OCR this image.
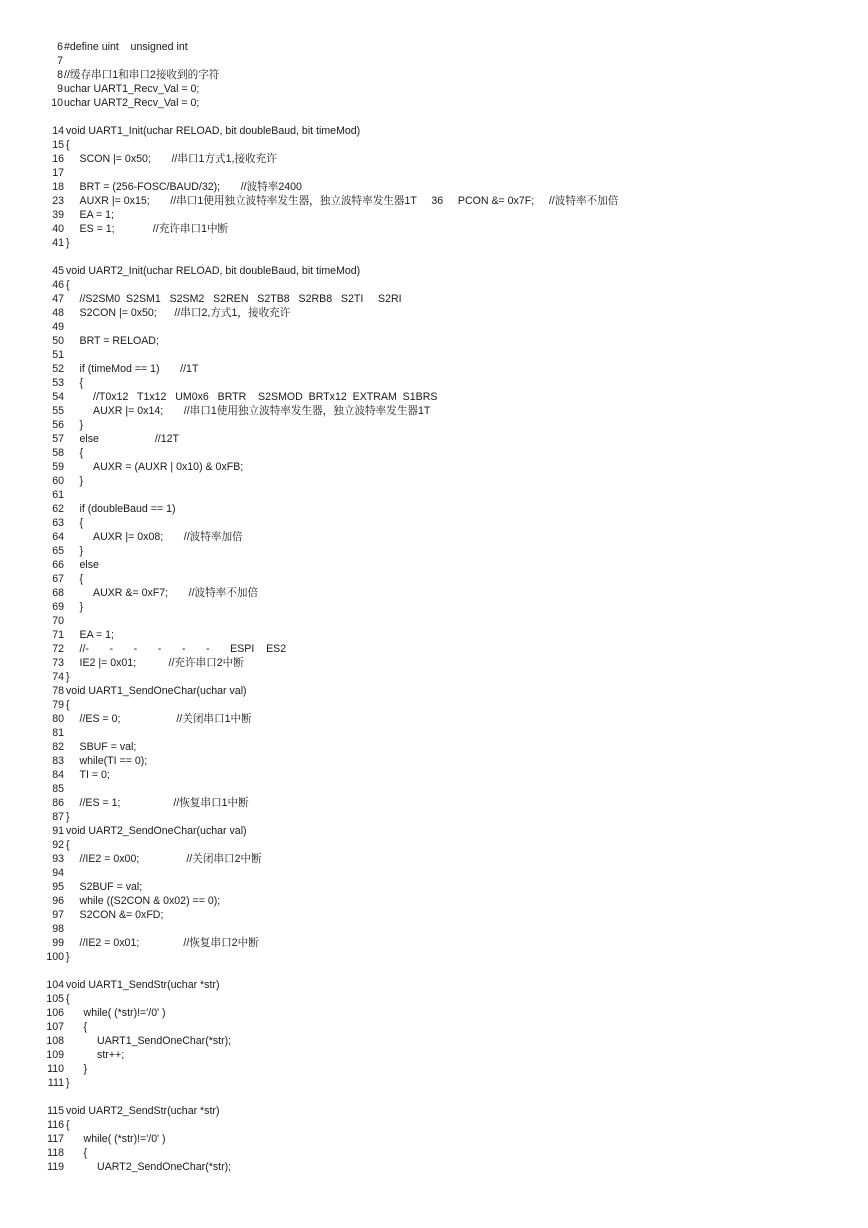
6 #define uint    unsigned int
7
8 //缓存串口1和串口2接收到的字符
9 uchar UART1_Recv_Val = 0;
10 uchar UART2_Recv_Val = 0;
14 void UART1_Init(uchar RELOAD, bit doubleBaud, bit timeMod)
15 {
16 SCON |= 0x50;       //串口1方式1,接收充许
17
18 BRT = (256-FOSC/BAUD/32);       //波特率2400
23 AUXR |= 0x15;       //串口1使用独立波特率发生器，独立波特率发生器1T     36     PCON &= 0x7F;     //波特率不加倍
39 EA = 1;
40 ES = 1;             //充许串口1中断
41 }
45 void UART2_Init(uchar RELOAD, bit doubleBaud, bit timeMod)
46 {
47 //S2SM0  S2SM1   S2SM2   S2REN   S2TB8   S2RB8   S2TI     S2RI
48 S2CON |= 0x50;      //串口2,方式1，接收充许
49
50 BRT = RELOAD;
51
52 if (timeMod == 1)       //1T
53 {
54	//T0x12   T1x12   UM0x6   BRTR    S2SMOD  BRTx12  EXTRAM  S1BRS
55	AUXR |= 0x14;       //串口1使用独立波特率发生器，独立波特率发生器1T
56 }
57 else                   //12T
58 {
59	AUXR = (AUXR | 0x10) & 0xFB;
60 }
61
62 if (doubleBaud == 1)
63 {
64	AUXR |= 0x08;       //波特率加倍
65 }
66 else
67 {
68	AUXR &= 0xF7;       //波特率不加倍
69 }
70
71 EA = 1;
72 //-       -       -       -       -       -       ESPI    ES2
73 IE2 |= 0x01;           //充许串口2中断
74 }
78 void UART1_SendOneChar(uchar val)
79 {
80 //ES = 0;                   //关闭串口1中断
81
82 SBUF = val;
83 while(TI == 0);
84 TI = 0;
85
86 //ES = 1;                  //恢复串口1中断
87 }
91 void UART2_SendOneChar(uchar val)
92 {
93 //IE2 = 0x00;                //关闭串口2中断
94
95 S2BUF = val;
96 while ((S2CON & 0x02) == 0);
97 S2CON &= 0xFD;
98
99 //IE2 = 0x01;               //恢复串口2中断
100 }
104 void UART1_SendStr(uchar *str)
105 {
106 while( (*str)!='/0' )
107 {
108	UART1_SendOneChar(*str);
109	str++;
110 }
111 }
115 void UART2_SendStr(uchar *str)
116 {
117 while( (*str)!='/0' )
118 {
119	UART2_SendOneChar(*str);
